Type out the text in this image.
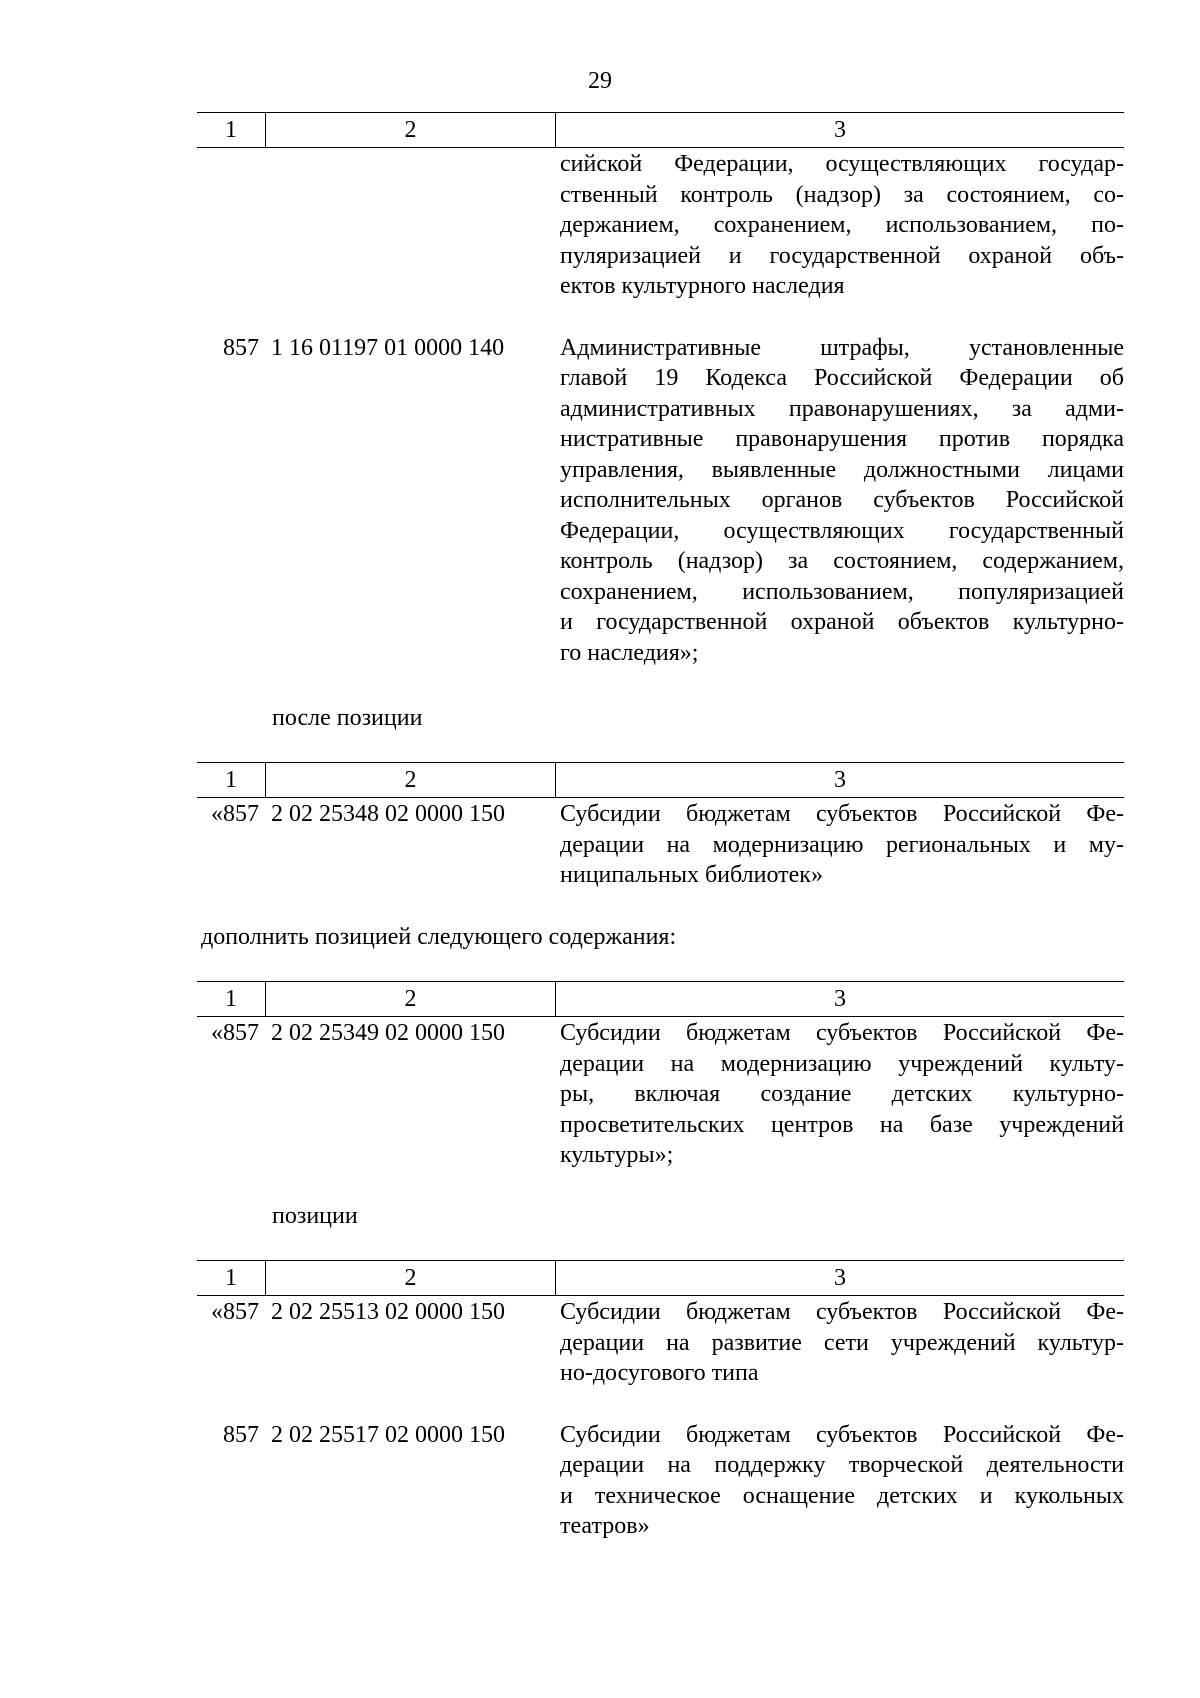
29
1	2	3
сийской Федерации, осуществляющих государ-
ственный контроль (надзор) за состоянием, со-
держанием, сохранением, использованием, по-
пуляризацией и государственной охраной объ-
ектов культурного наследия
857 1 16 01197 01 0000 140	Административные штрафы, установленные
главой 19 Кодекса Российской Федерации об
административных правонарушениях, за адми-
нистративные правонарушения против порядка
управления, выявленные должностными лицами
исполнительных органов субъектов Российской
Федерации, осуществляющих государственный
контроль (надзор) за состоянием, содержанием,
сохранением, использованием, популяризацией
и государственной охраной объектов культурно-
го наследия»;
после позиции
1	2	3
«857 2 02 25348 02 0000 150	Субсидии бюджетам субъектов Российской Фе-
дерации на модернизацию региональных и му-
ниципальных библиотек»
дополнить позицией следующего содержания:
1	2	3
«857 2 02 25349 02 0000 150	Субсидии бюджетам субъектов Российской Фе-
дерации на модернизацию учреждений культу-
ры, включая создание детских культурно-
просветительских центров на базе учреждений
культуры»;
позиции
1	2	3
«857 2 02 25513 02 0000 150	Субсидии бюджетам субъектов Российской Фе-
дерации на развитие сети учреждений культур-
но-досугового типа
857 2 02 25517 02 0000 150	Субсидии бюджетам субъектов Российской Фе-
дерации на поддержку творческой деятельности
и техническое оснащение детских и кукольных
театров»
